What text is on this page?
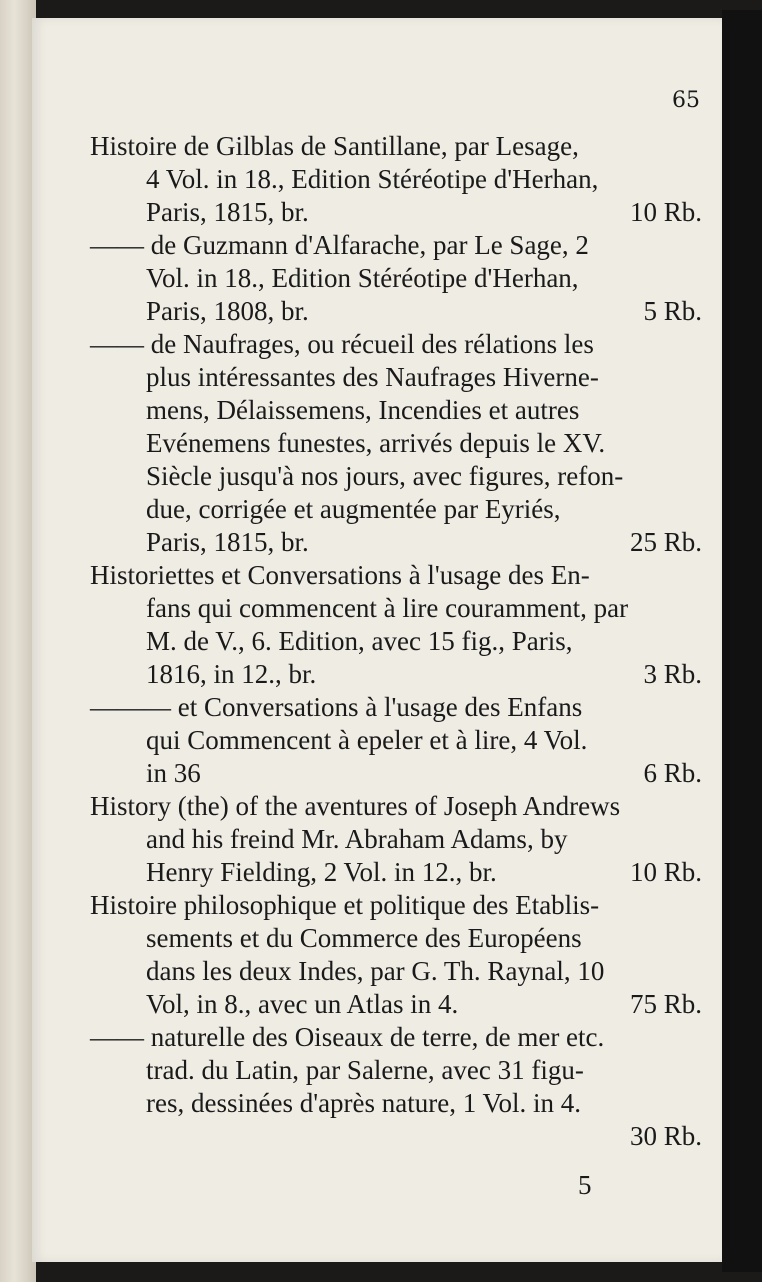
65
Histoire de Gilblas de Santillane, par Lesage,
4 Vol. in 18., Edition Stéréotipe d'Herhan,
Paris, 1815, br.	10 Rb.
—— de Guzmann d'Alfarache, par Le Sage, 2
Vol. in 18., Edition Stéréotipe d'Herhan,
Paris, 1808, br.	5 Rb.
—— de Naufrages, ou récueil des rélations les
plus intéressantes des Naufrages Hiverne-
mens, Délaissemens, Incendies et autres
Evénemens funestes, arrivés depuis le XV.
Siècle jusqu'à nos jours, avec figures, refon-
due, corrigée et augmentée par Eyriés,
Paris, 1815, br.	25 Rb.
Historiettes et Conversations à l'usage des En-
fans qui commencent à lire couramment, par
M. de V., 6. Edition, avec 15 fig., Paris,
1816, in 12., br.	3 Rb.
——— et Conversations à l'usage des Enfans
qui Commencent à epeler et à lire, 4 Vol.
in 36	6 Rb.
History (the) of the aventures of Joseph Andrews
and his freind Mr. Abraham Adams, by
Henry Fielding, 2 Vol. in 12., br.	10 Rb.
Histoire philosophique et politique des Etablis-
sements et du Commerce des Européens
dans les deux Indes, par G. Th. Raynal, 10
Vol, in 8., avec un Atlas in 4.	75 Rb.
—— naturelle des Oiseaux de terre, de mer etc.
trad. du Latin, par Salerne, avec 31 figu-
res, dessinées d'après nature, 1 Vol. in 4.
30 Rb.
5
